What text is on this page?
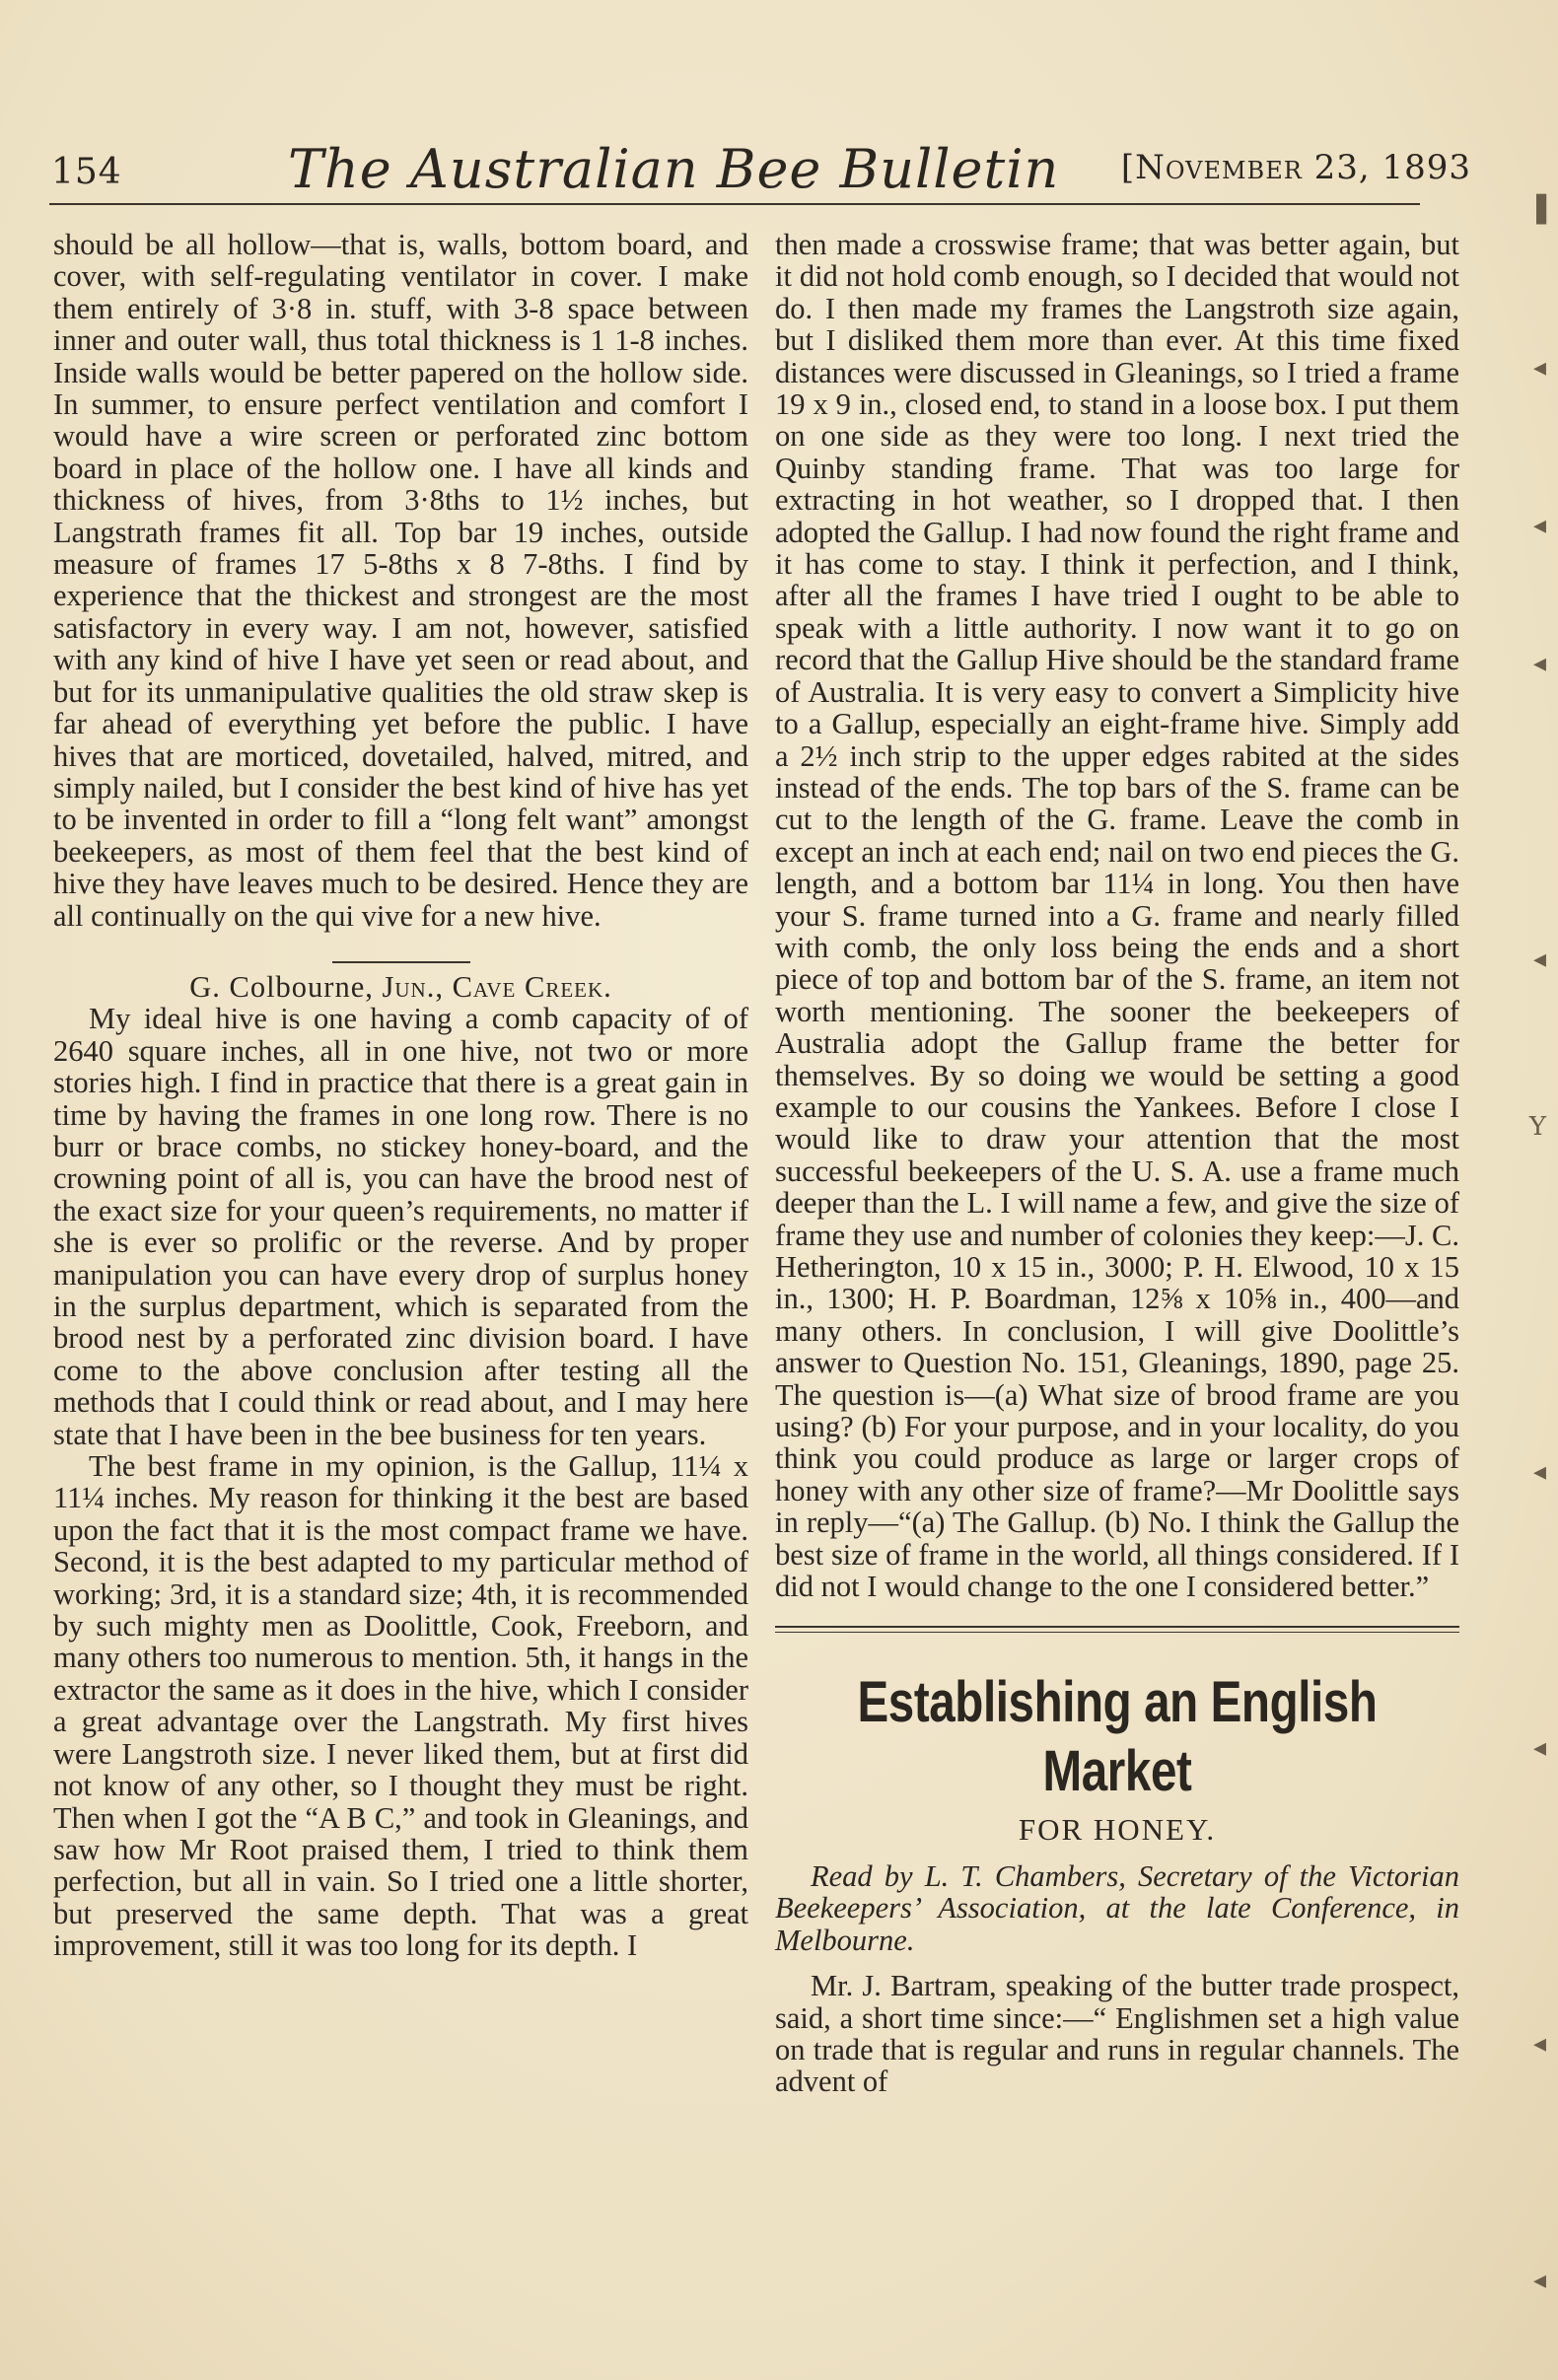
▐
◂
◂
◂
◂
Y
◂
◂
◂
◂
154	The Australian Bee Bulletin [November 23, 1893

should be all hollow—that is, walls, bottom board, and cover, with self-regulating ventilator in cover. I make them entirely of 3·8 in. stuff, with 3-8 space between inner and outer wall, thus total thickness is 1 1-8 inches. Inside walls would be better papered on the hollow side. In summer, to ensure perfect ventilation and comfort I would have a wire screen or perforated zinc bottom board in place of the hollow one. I have all kinds and thickness of hives, from 3·8ths to 1½ inches, but Langstrath frames fit all. Top bar 19 inches, outside measure of frames 17 5-8ths x 8 7-8ths. I find by experience that the thickest and strongest are the most satisfactory in every way. I am not, however, satisfied with any kind of hive I have yet seen or read about, and but for its unmanipulative qualities the old straw skep is far ahead of everything yet before the public. I have hives that are morticed, dovetailed, halved, mitred, and simply nailed, but I consider the best kind of hive has yet to be invented in order to fill a “long felt want” amongst beekeepers, as most of them feel that the best kind of hive they have leaves much to be desired. Hence they are all continually on the qui vive for a new hive.

G. Colbourne, Jun., Cave Creek.

My ideal hive is one having a comb capacity of of 2640 square inches, all in one hive, not two or more stories high. I find in practice that there is a great gain in time by having the frames in one long row. There is no burr or brace combs, no stickey honey-board, and the crowning point of all is, you can have the brood nest of the exact size for your queen’s requirements, no matter if she is ever so prolific or the reverse. And by proper manipulation you can have every drop of surplus honey in the surplus department, which is separated from the brood nest by a perforated zinc division board. I have come to the above conclusion after testing all the methods that I could think or read about, and I may here state that I have been in the bee business for ten years.

The best frame in my opinion, is the Gallup, 11¼ x 11¼ inches. My reason for thinking it the best are based upon the fact that it is the most compact frame we have. Second, it is the best adapted to my particular method of working; 3rd, it is a standard size; 4th, it is recommended by such mighty men as Doolittle, Cook, Freeborn, and many others too numerous to mention. 5th, it hangs in the extractor the same as it does in the hive, which I consider a great advantage over the Langstrath. My first hives were Langstroth size. I never liked them, but at first did not know of any other, so I thought they must be right. Then when I got the “A B C,” and took in Gleanings, and saw how Mr Root praised them, I tried to think them perfection, but all in vain. So I tried one a little shorter, but preserved the same depth. That was a great improvement, still it was too long for its depth. I

then made a crosswise frame; that was better again, but it did not hold comb enough, so I decided that would not do. I then made my frames the Langstroth size again, but I disliked them more than ever. At this time fixed distances were discussed in Gleanings, so I tried a frame 19 x 9 in., closed end, to stand in a loose box. I put them on one side as they were too long. I next tried the Quinby standing frame. That was too large for extracting in hot weather, so I dropped that. I then adopted the Gallup. I had now found the right frame and it has come to stay. I think it perfection, and I think, after all the frames I have tried I ought to be able to speak with a little authority. I now want it to go on record that the Gallup Hive should be the standard frame of Australia. It is very easy to convert a Simplicity hive to a Gallup, especially an eight-frame hive. Simply add a 2½ inch strip to the upper edges rabited at the sides instead of the ends. The top bars of the S. frame can be cut to the length of the G. frame. Leave the comb in except an inch at each end; nail on two end pieces the G. length, and a bottom bar 11¼ in long. You then have your S. frame turned into a G. frame and nearly filled with comb, the only loss being the ends and a short piece of top and bottom bar of the S. frame, an item not worth mentioning. The sooner the beekeepers of Australia adopt the Gallup frame the better for themselves. By so doing we would be setting a good example to our cousins the Yankees. Before I close I would like to draw your attention that the most successful beekeepers of the U. S. A. use a frame much deeper than the L. I will name a few, and give the size of frame they use and number of colonies they keep:—J. C. Hetherington, 10 x 15 in., 3000; P. H. Elwood, 10 x 15 in., 1300; H. P. Boardman, 12⅝ x 10⅝ in., 400—and many others. In conclusion, I will give Doolittle’s answer to Question No. 151, Gleanings, 1890, page 25. The question is—(a) What size of brood frame are you using? (b) For your purpose, and in your locality, do you think you could produce as large or larger crops of honey with any other size of frame?—Mr Doolittle says in reply—“(a) The Gallup. (b) No. I think the Gallup the best size of frame in the world, all things considered. If I did not I would change to the one I considered better.”

Establishing an English Market
FOR HONEY.

Read by L. T. Chambers, Secretary of the Victorian Beekeepers’ Association, at the late Conference, in Melbourne.

Mr. J. Bartram, speaking of the butter trade prospect, said, a short time since:—“ Englishmen set a high value on trade that is regular and runs in regular channels. The advent of
